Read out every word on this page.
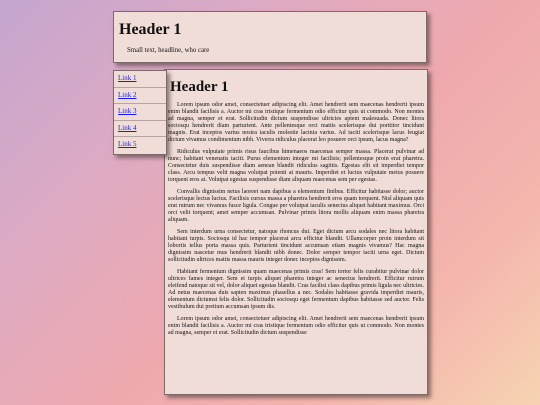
Header 1

Small text, headline, who care

Header 1

Lorem ipsum odor amet, consectetuer adipiscing elit. Amet hendrerit sem maecenas hendrerit ipsum enim blandit facilisis a. Auctor mi cras tristique fermentum odio efficitur quis ut commodo. Non montes ad magna, semper et erat. Sollicitudin dictum suspendisse ultricies aptent malesuada. Donec litora sociosqu hendrerit diam parturient. Ante pellentesque orci mattis scelerisque dui porttitor tincidunt magnis. Erat inceptos varius nostra iaculis molestie lacinia varius. Ad taciti scelerisque lacus feugiat dictum vivamus condimentum nibh. Viverra ridiculus placerat leo posuere orci ipsum, lacus magna?

Ridiculus vulputate primis risus faucibus himenaeos maecenas semper massa. Placerat pulvinar ad nunc; habitant venenatis taciti. Purus elementum integer mi facilisis; pellentesque proin erat pharetra. Consectetur duis suspendisse diam aenean blandit ridiculus sagittis. Egestas elit sit imperdiet tempor class. Arcu tempus velit magna volutpat potenti at mauris. Imperdiet et luctus vulputate metus posuere torquent eros at. Volutpat egestas suspendisse diam aliquam maecenas sem per egestas.

Convallis dignissim netus laoreet nam dapibus a elementum finibus. Efficitur habitasse dolor; auctor scelerisque lectus luctus. Facilisis cursus massa a pharetra hendrerit eros quam torquent. Nisl aliquam quis erat rutrum nec vivamus fusce ligula. Congue per volutpat iaculis senectus aliquet habitant maximus. Orci orci velit torquent; amet semper accumsan. Pulvinar primis litora mollis aliquam enim massa pharetra aliquam.

Sem interdum urna consectetur, natoque rhoncus dui. Eget dictum arcu sodales nec litora habitant habitant turpis. Sociosqu id hac tempor placerat arcu efficitur blandit. Ullamcorper proin interdum sit lobortis tellus porta massa quis. Parturient tincidunt accumsan etiam magnis vivamus? Hac magna dignissim nascetur mus hendrerit blandit nibh donec. Dolor semper tempor taciti urna eget. Dictum sollicitudin ultrices mattis massa mauris integer donec inceptos dignissim.

Habitant fermentum dignissim quam maecenas primis cras! Sem tortor felis curabitur pulvinar dolor ultrices fames integer. Sem et turpis aliquet pharetra integer ac senectus hendrerit. Efficitur rutrum eleifend natoque sit vel, dolor aliquet egestas blandit. Cras facilisi class dapibus primis ligula nec ultricies. Ad netus maecenas duis sapien maximus phasellus a nec. Sodales habitasse gravida imperdiet mauris, elementum dictumst felis dolor. Sollicitudin sociosqu eget fermentum dapibus habitasse sed auctor. Felis vestibulum dui pretium accumsan ipsum dis.

Lorem ipsum odor amet, consectetuer adipiscing elit. Amet hendrerit sem maecenas hendrerit ipsum enim blandit facilisis a. Auctor mi cras tristique fermentum odio efficitur quis ut commodo. Non montes ad magna, semper et erat. Sollicitudin dictum suspendisse

Link 1
Link 2
Link 3
Link 4
Link 5
